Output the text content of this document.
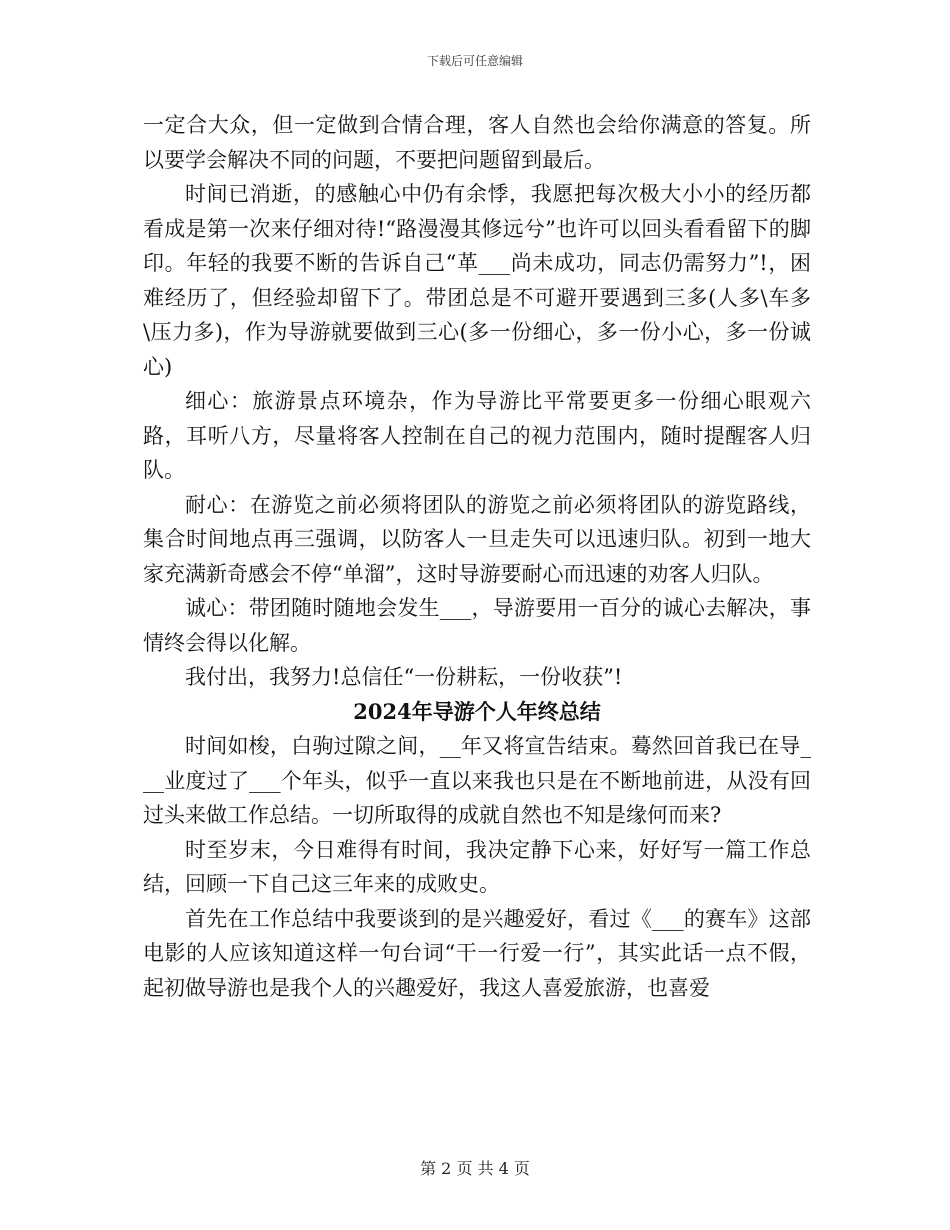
下载后可任意编辑

一定合大众，但一定做到合情合理，客人自然也会给你满意的答复。所以要学会解决不同的问题，不要把问题留到最后。

时间已消逝，的感触心中仍有余悸，我愿把每次极大小小的经历都看成是第一次来仔细对待!“路漫漫其修远兮”也许可以回头看看留下的脚印。年轻的我要不断的告诉自己“革___尚未成功，同志仍需努力”!，困难经历了，但经验却留下了。带团总是不可避开要遇到三多(人多\车多\压力多)，作为导游就要做到三心(多一份细心，多一份小心，多一份诚心)

细心：旅游景点环境杂，作为导游比平常要更多一份细心眼观六路，耳听八方，尽量将客人控制在自己的视力范围内，随时提醒客人归队。

耐心：在游览之前必须将团队的游览之前必须将团队的游览路线，集合时间地点再三强调，以防客人一旦走失可以迅速归队。初到一地大家充满新奇感会不停“单溜”，这时导游要耐心而迅速的劝客人归队。

诚心：带团随时随地会发生___，导游要用一百分的诚心去解决，事情终会得以化解。

我付出，我努力!总信任“一份耕耘，一份收获”!

2024年导游个人年终总结

时间如梭，白驹过隙之间，__年又将宣告结束。蓦然回首我已在导___业度过了___个年头，似乎一直以来我也只是在不断地前进，从没有回过头来做工作总结。一切所取得的成就自然也不知是缘何而来?

时至岁末，今日难得有时间，我决定静下心来，好好写一篇工作总结，回顾一下自己这三年来的成败史。

首先在工作总结中我要谈到的是兴趣爱好，看过《___的赛车》这部电影的人应该知道这样一句台词“干一行爱一行”，其实此话一点不假，起初做导游也是我个人的兴趣爱好，我这人喜爱旅游，也喜爱

第 2 页 共 4 页
